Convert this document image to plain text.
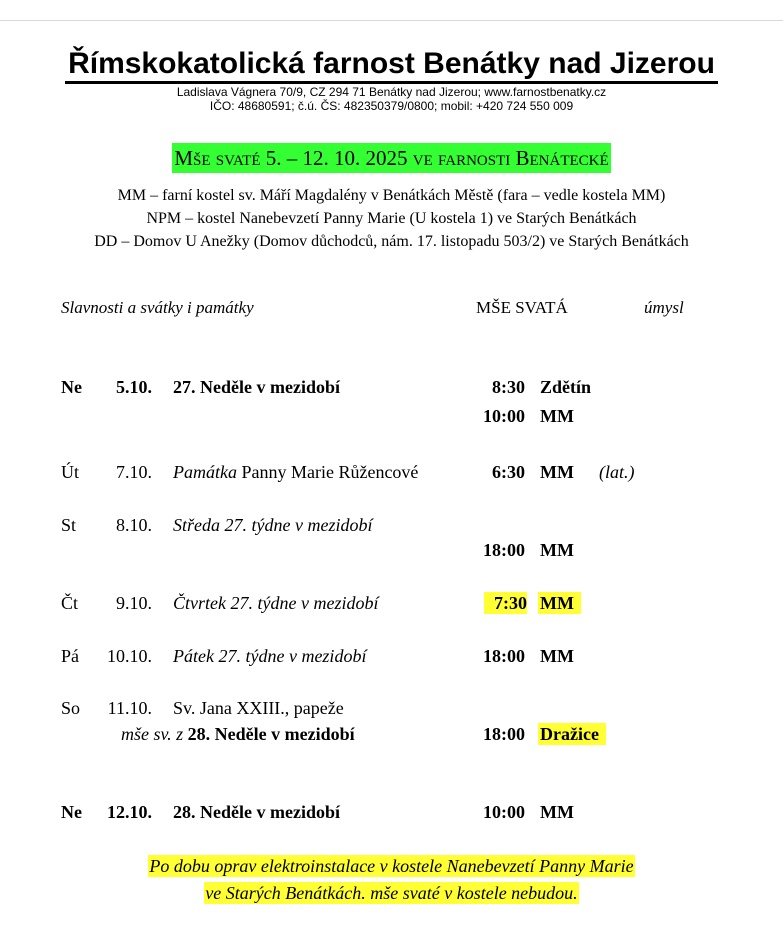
Římskokatolická farnost Benátky nad Jizerou
Ladislava Vágnera 70/9, CZ 294 71 Benátky nad Jizerou; www.farnostbenatky.cz
IČO: 48680591; č.ú. ČS: 482350379/0800; mobil: +420 724 550 009
Mše svaté 5. – 12. 10. 2025 ve farnosti Benátecké
MM – farní kostel sv. Máří Magdalény v Benátkách Městě (fara – vedle kostela MM)
NPM – kostel Nanebevzetí Panny Marie (U kostela 1) ve Starých Benátkách
DD – Domov U Anežky (Domov důchodců, nám. 17. listopadu 503/2) ve Starých Benátkách
Slavnosti a svátky i památky	MŠE SVATÁ	úmysl
Ne	5.10. 27. Neděle v mezidobí	8:30 Zdětín
10:00 MM
Út	7.10. Památka Panny Marie Růžencové	6:30 MM (lat.)
St	8.10. Středa 27. týdne v mezidobí
18:00 MM
Čt	9.10. Čtvrtek 27. týdne v mezidobí	7:30 MM
Pá	10.10. Pátek 27. týdne v mezidobí	18:00 MM
So	11.10. Sv. Jana XXIII., papeže
mše sv. z 28. Neděle v mezidobí	18:00 Dražice
Ne	12.10. 28. Neděle v mezidobí	10:00 MM
Po dobu oprav elektroinstalace v kostele Nanebevzetí Panny Marie
ve Starých Benátkách. mše svaté v kostele nebudou.
